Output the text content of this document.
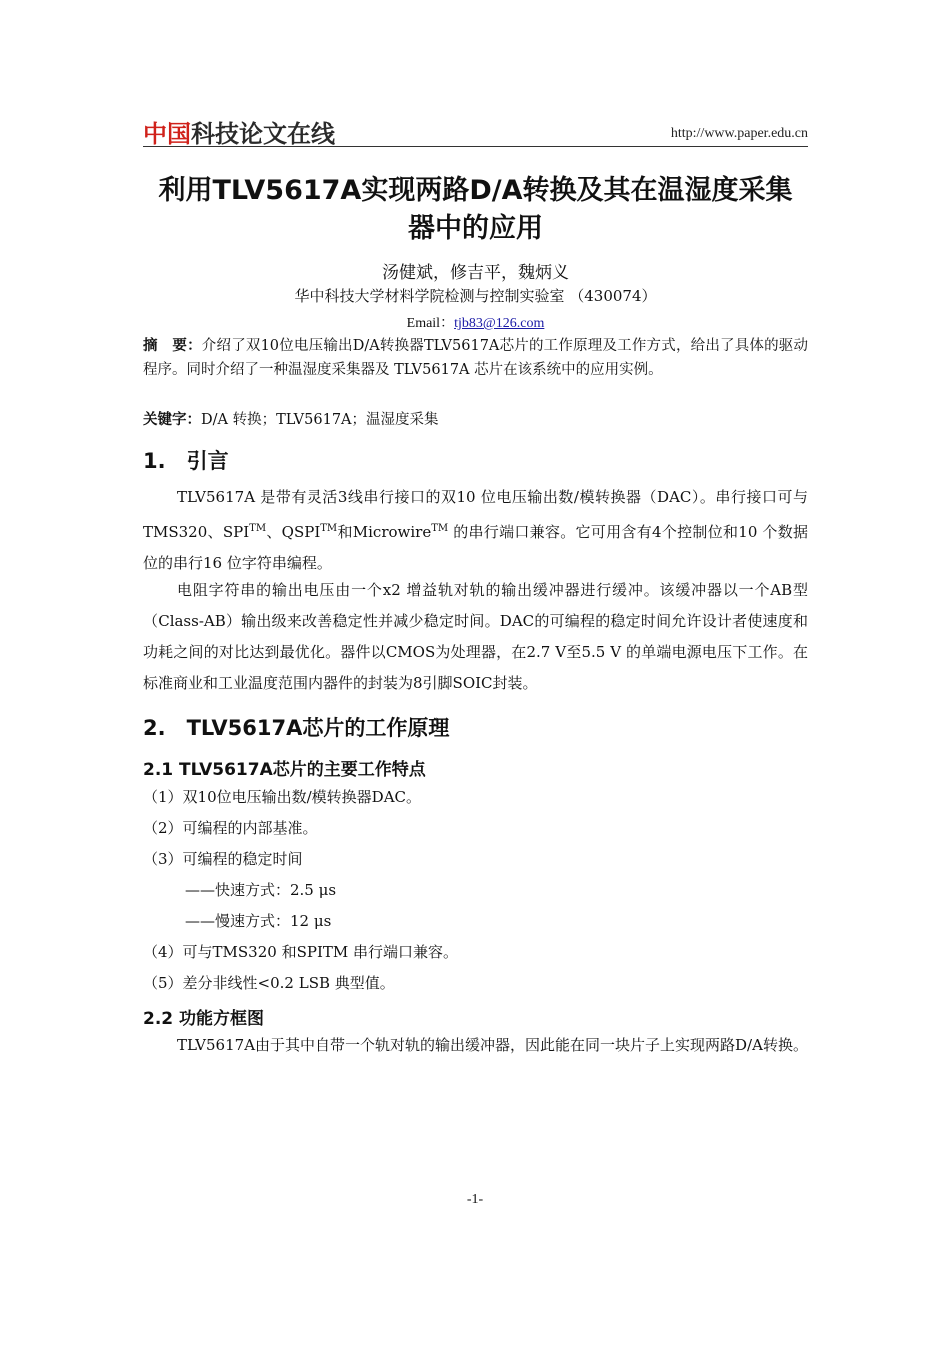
中国科技论文在线	http://www.paper.edu.cn
利用TLV5617A实现两路D/A转换及其在温湿度采集
器中的应用
汤健斌，修吉平，魏炳义
华中科技大学材料学院检测与控制实验室 （430074）
Email：tjb83@126.com
摘　要：介绍了双10位电压输出D/A转换器TLV5617A芯片的工作原理及工作方式，给出了具体的驱动程序。同时介绍了一种温湿度采集器及 TLV5617A 芯片在该系统中的应用实例。
关键字：D/A 转换；TLV5617A；温湿度采集
1.　引言
TLV5617A 是带有灵活3线串行接口的双10 位电压输出数/模转换器（DAC）。串行接口可与TMS320、SPI™、QSPI™和Microwire™ 的串行端口兼容。它可用含有4个控制位和10 个数据位的串行16 位字符串编程。
电阻字符串的输出电压由一个x2 增益轨对轨的输出缓冲器进行缓冲。该缓冲器以一个AB型（Class-AB）输出级来改善稳定性并减少稳定时间。DAC的可编程的稳定时间允许设计者使速度和功耗之间的对比达到最优化。器件以CMOS为处理器，在2.7 V至5.5 V 的单端电源电压下工作。在标准商业和工业温度范围内器件的封装为8引脚SOIC封装。
2.　TLV5617A芯片的工作原理
2.1 TLV5617A芯片的主要工作特点
（1）双10位电压输出数/模转换器DAC。
（2）可编程的内部基准。
（3）可编程的稳定时间
——快速方式：2.5 μs
——慢速方式：12 μs
（4）可与TMS320 和SPITM 串行端口兼容。
（5）差分非线性<0.2 LSB 典型值。
2.2 功能方框图
TLV5617A由于其中自带一个轨对轨的输出缓冲器，因此能在同一块片子上实现两路D/A转换。
-1-
